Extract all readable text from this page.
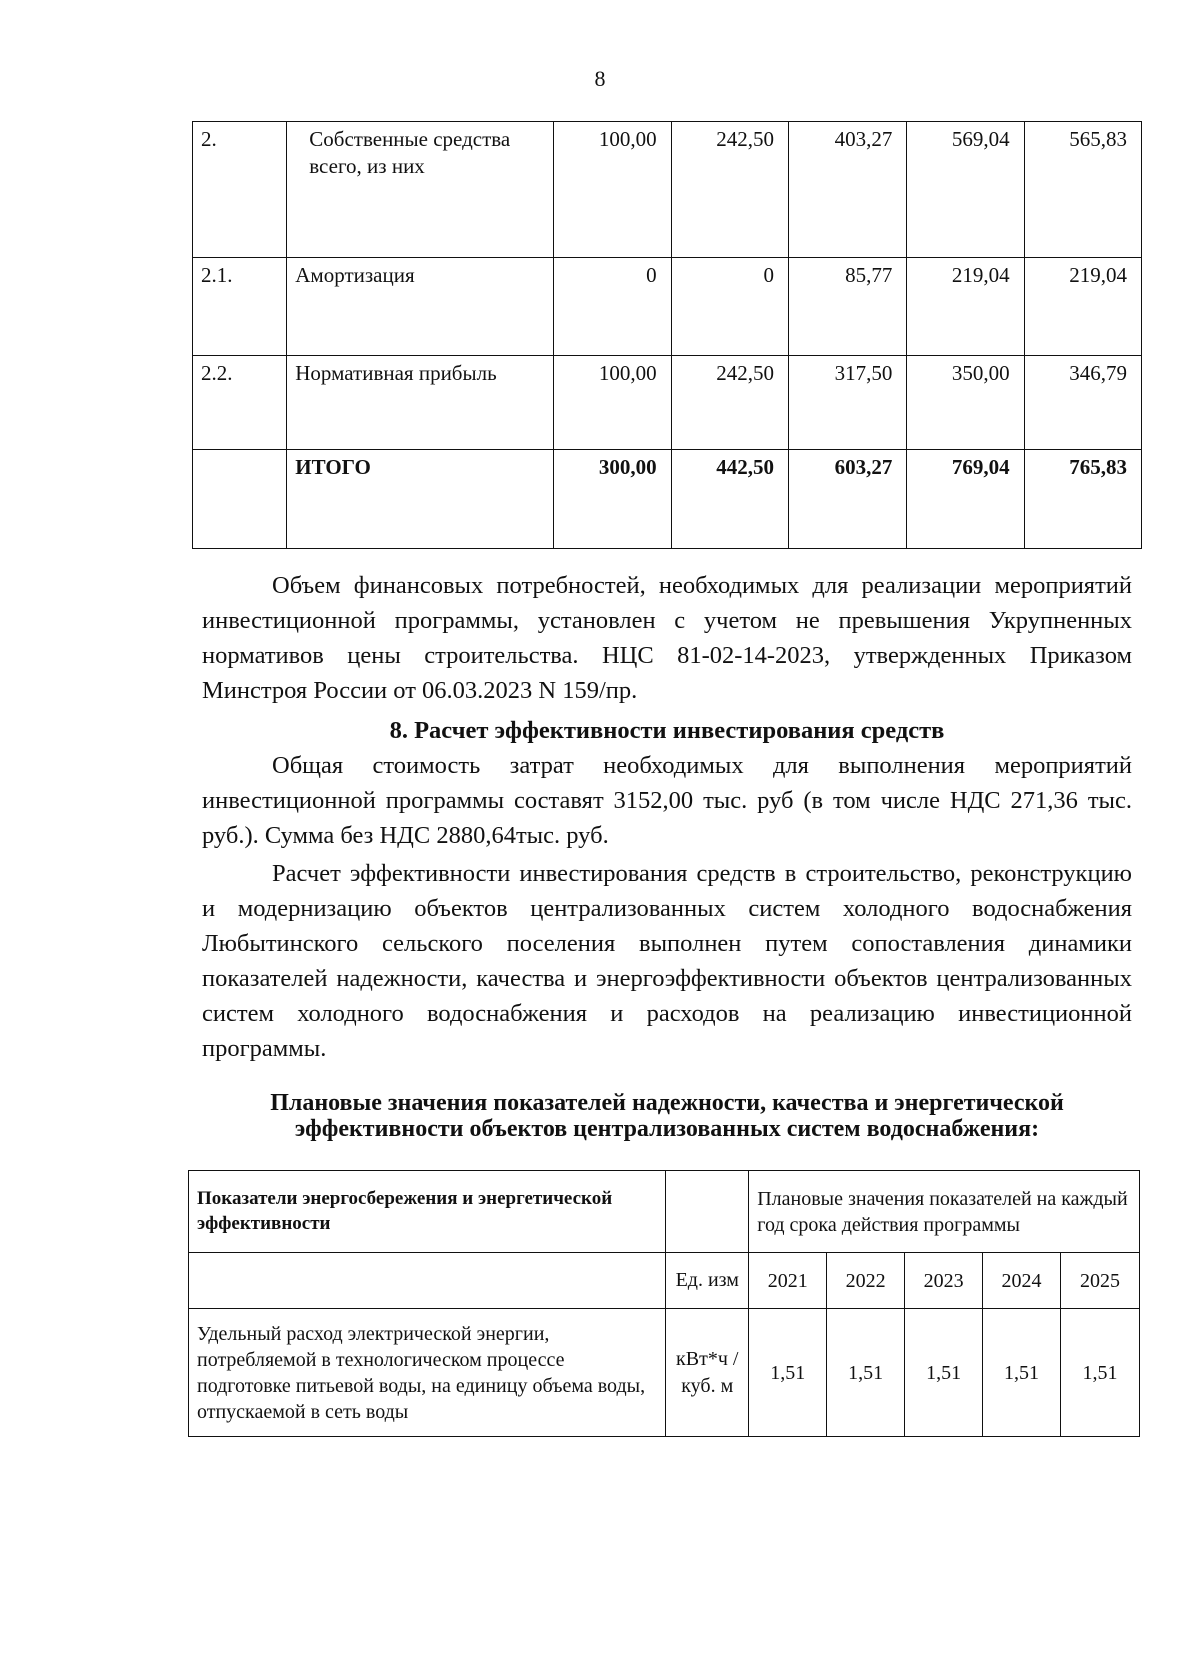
8
2.	Собственные средства всего, из них	100,00	242,50	403,27	569,04	565,83
2.1.	Амортизация	0	0	85,77	219,04	219,04
2.2.	Нормативная прибыль	100,00	242,50	317,50	350,00	346,79
	ИТОГО	300,00	442,50	603,27	769,04	765,83

Объем финансовых потребностей, необходимых для реализации мероприятий инвестиционной программы, установлен с учетом не превышения Укрупненных нормативов цены строительства. НЦС 81-02-14-2023, утвержденных Приказом Минстроя России от 06.03.2023 N 159/пр.

8. Расчет эффективности инвестирования средств

Общая стоимость затрат необходимых для выполнения мероприятий инвестиционной программы составят 3152,00 тыс. руб (в том числе НДС 271,36 тыс. руб.). Сумма без НДС 2880,64тыс. руб.

Расчет эффективности инвестирования средств в строительство, реконструкцию и модернизацию объектов централизованных систем холодного водоснабжения Любытинского сельского поселения выполнен путем сопоставления динамики показателей надежности, качества и энергоэффективности объектов централизованных систем холодного водоснабжения и расходов на реализацию инвестиционной программы.

Плановые значения показателей надежности, качества и энергетической
эффективности объектов централизованных систем водоснабжения:
Показатели энергосбережения и энергетической эффективности		Плановые значения показателей на каждый год срока действия программы				
	Ед. изм	2021	2022	2023	2024	2025
Удельный расход электрической энергии, потребляемой в технологическом процессе подготовке питьевой воды, на единицу объема воды, отпускаемой в сеть воды	кВт*ч /куб. м	1,51	1,51	1,51	1,51	1,51
